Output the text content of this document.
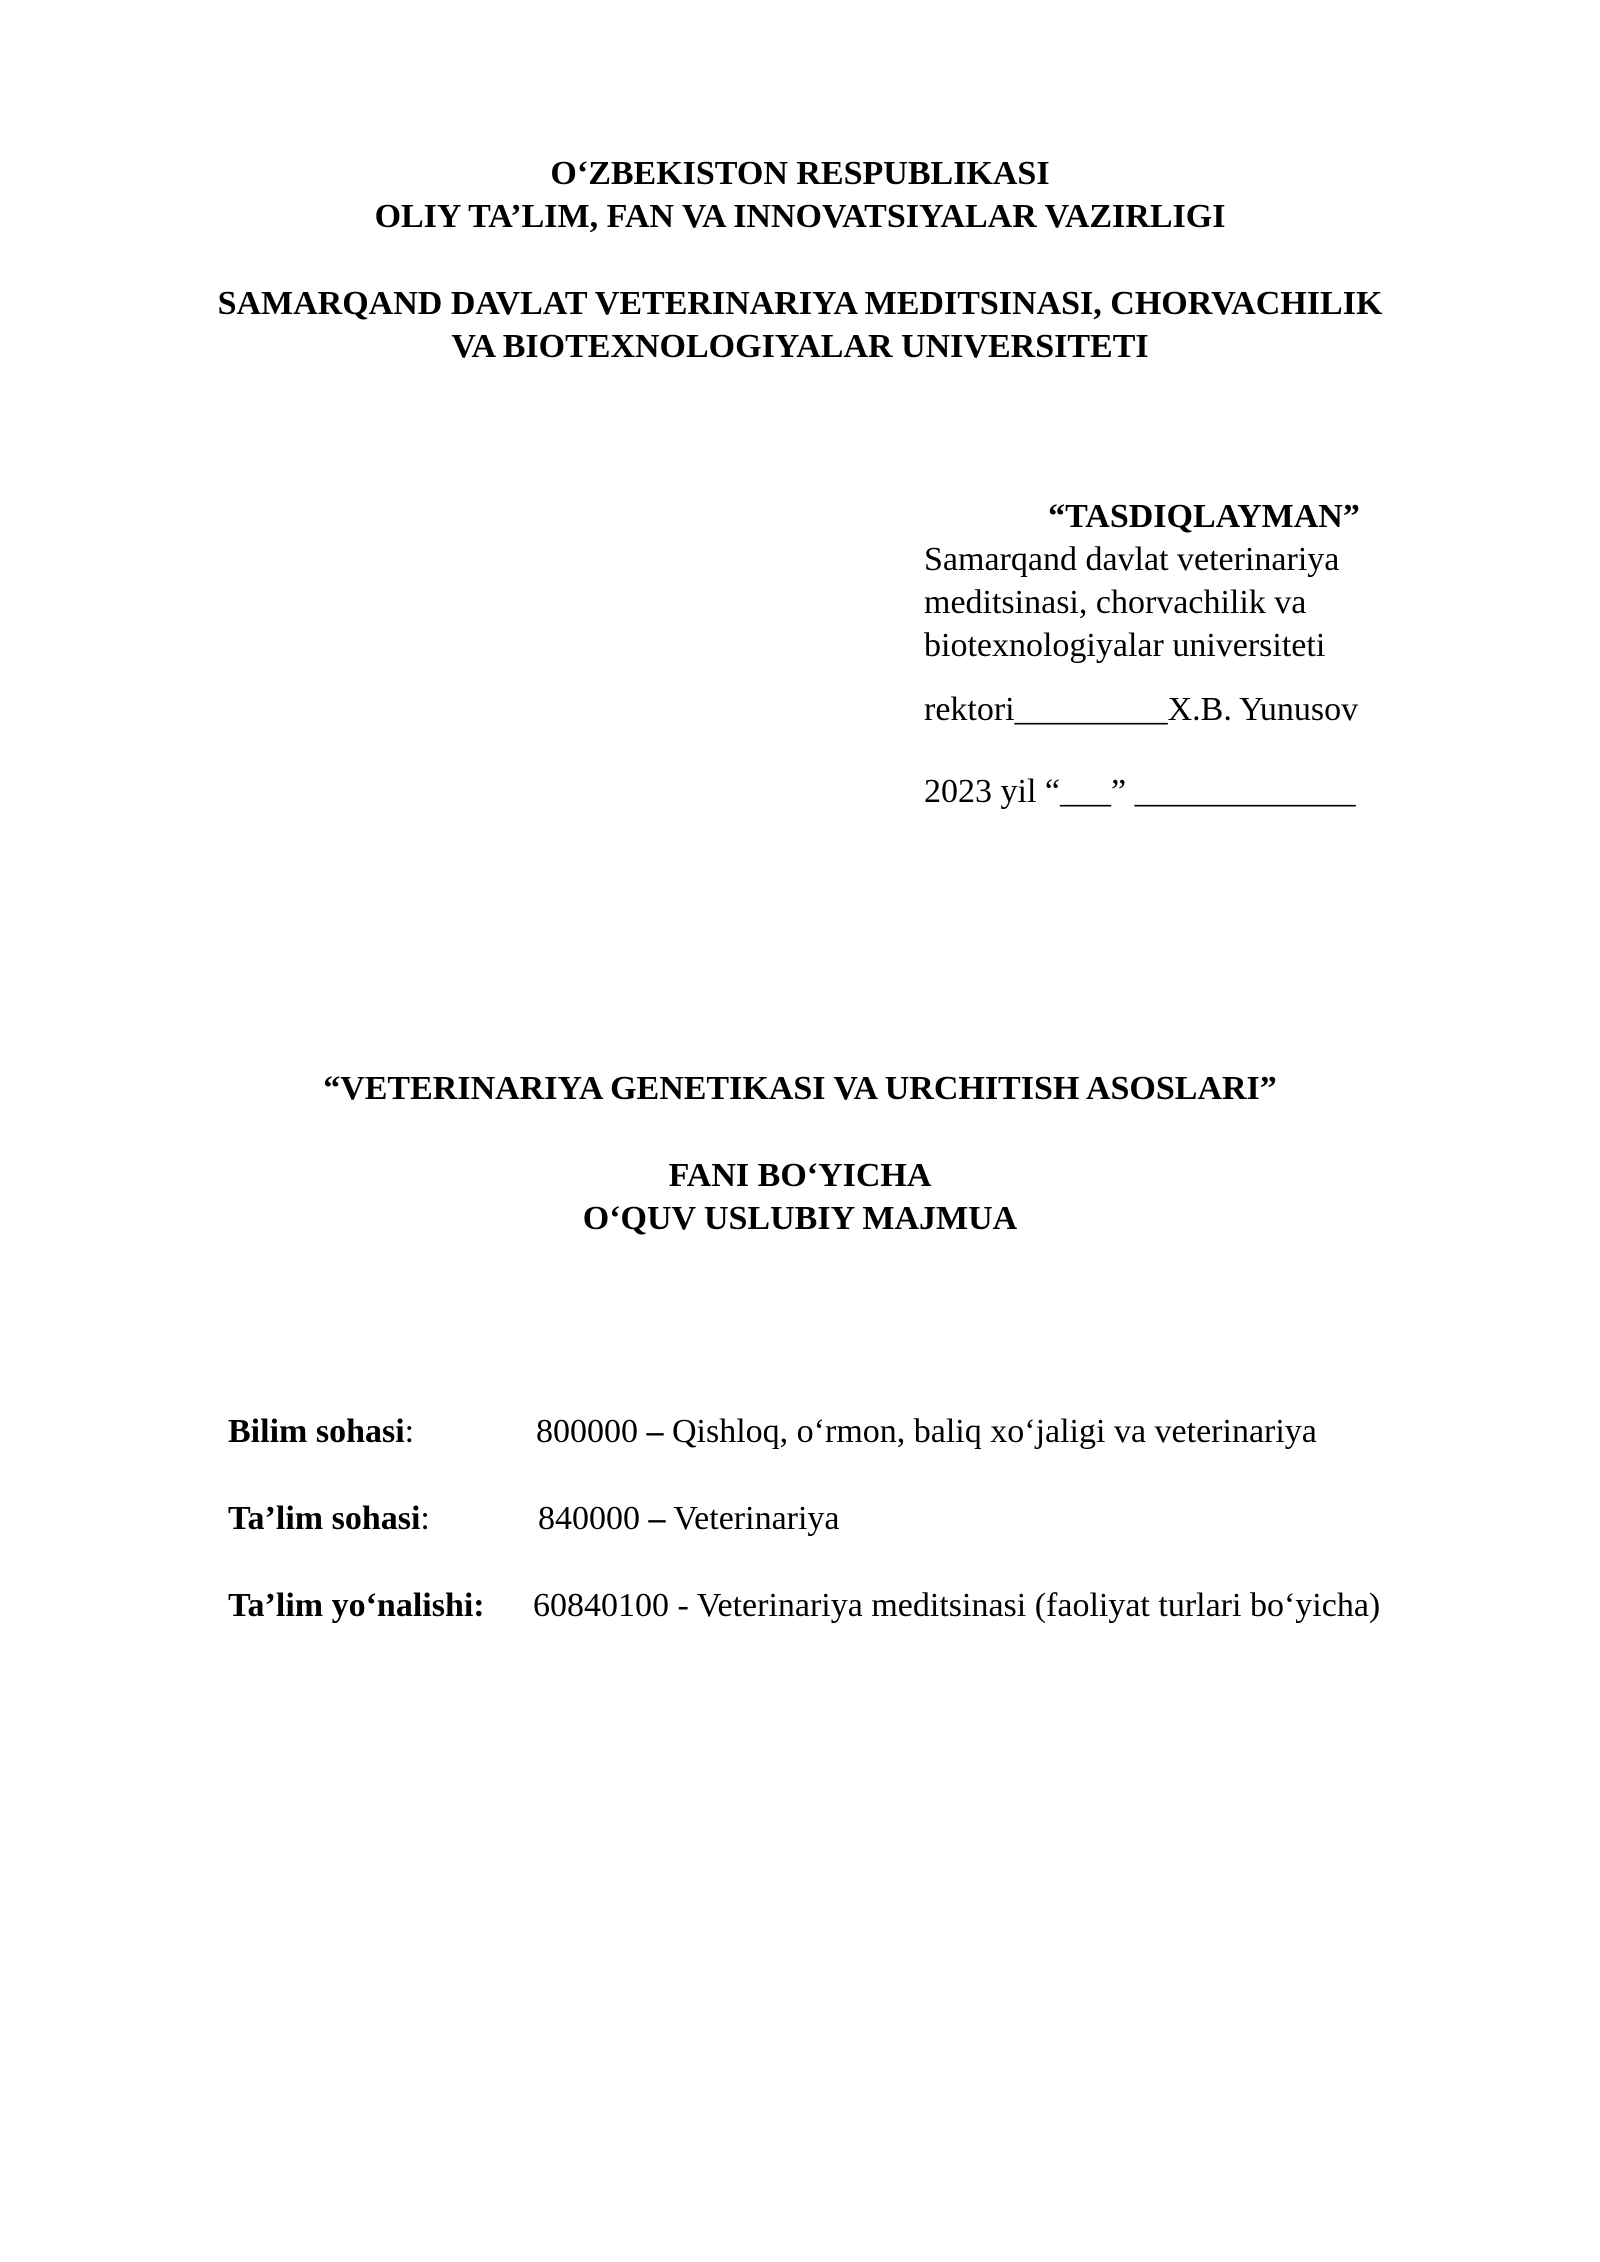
O‘ZBEKISTON RESPUBLIKASI
OLIY TA’LIM, FAN VA INNOVATSIYALAR VAZIRLIGI
SAMARQAND DAVLAT VETERINARIYA MEDITSINASI, CHORVACHILIK
VA BIOTEXNOLOGIYALAR UNIVERSITETI

“TASDIQLAYMAN”

Samarqand davlat veterinariya

meditsinasi, chorvachilik va

biotexnologiyalar universiteti

rektori_________X.B. Yunusov

2023 yil “___” _____________

“VETERINARIYA GENETIKASI VA URCHITISH ASOSLARI”
FANI BO‘YICHA
O‘QUV USLUBIY MAJMUA
Bilim sohasi:	800000 – Qishloq, o‘rmon, baliq xo‘jaligi va veterinariya
Ta’lim sohasi:	840000 – Veterinariya
Ta’lim yo‘nalishi: 60840100 - Veterinariya meditsinasi (faoliyat turlari bo‘yicha)
